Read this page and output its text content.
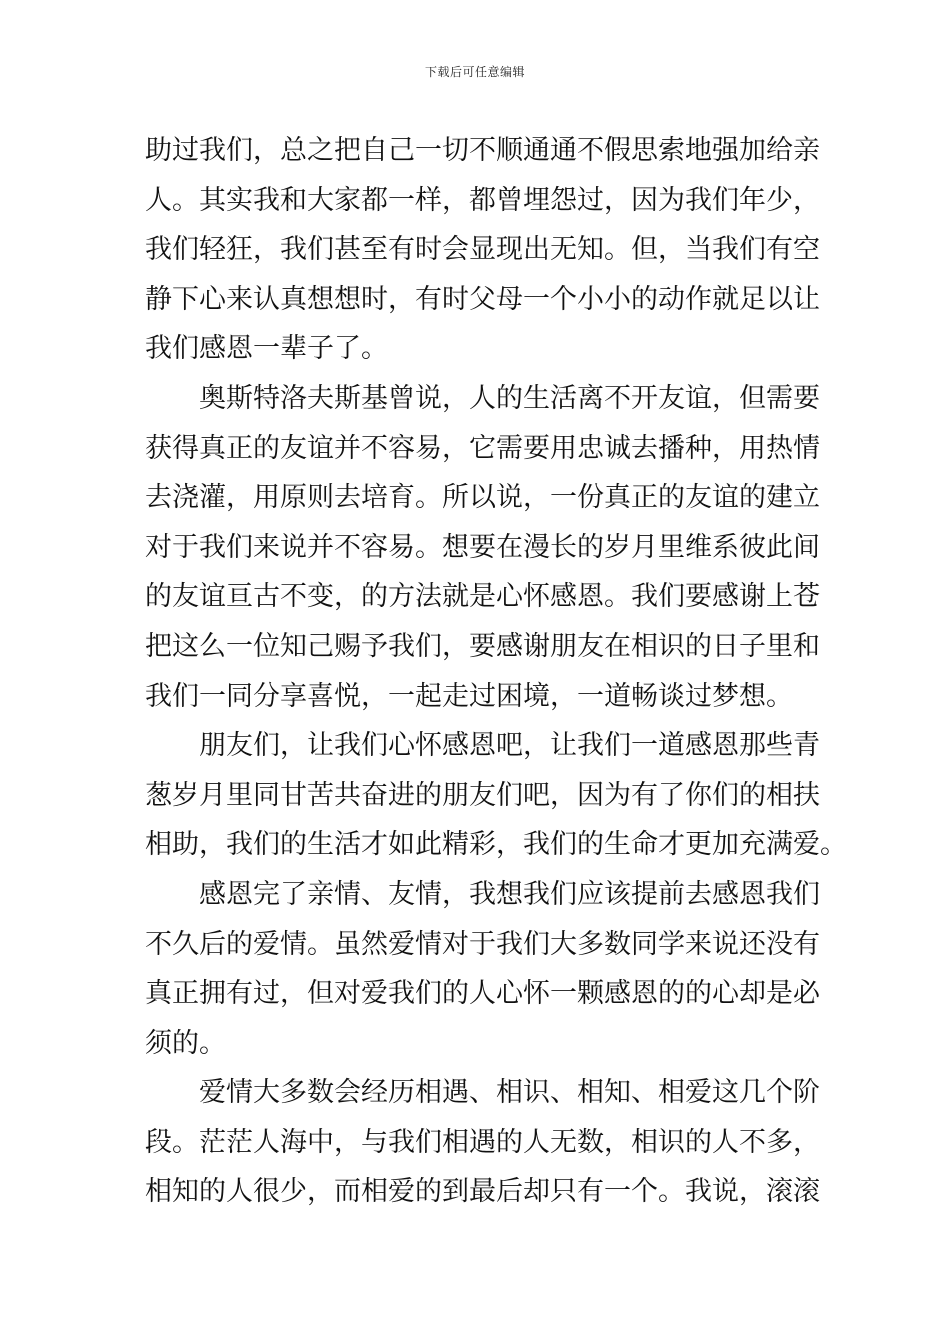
下载后可任意编辑
助过我们，总之把自己一切不顺通通不假思索地强加给亲
人。其实我和大家都一样，都曾埋怨过，因为我们年少，
我们轻狂，我们甚至有时会显现出无知。但，当我们有空
静下心来认真想想时，有时父母一个小小的动作就足以让
我们感恩一辈子了。
奥斯特洛夫斯基曾说，人的生活离不开友谊，但需要
获得真正的友谊并不容易，它需要用忠诚去播种，用热情
去浇灌，用原则去培育。所以说，一份真正的友谊的建立
对于我们来说并不容易。想要在漫长的岁月里维系彼此间
的友谊亘古不变，的方法就是心怀感恩。我们要感谢上苍
把这么一位知己赐予我们，要感谢朋友在相识的日子里和
我们一同分享喜悦，一起走过困境，一道畅谈过梦想。
朋友们，让我们心怀感恩吧，让我们一道感恩那些青
葱岁月里同甘苦共奋进的朋友们吧，因为有了你们的相扶
相助，我们的生活才如此精彩，我们的生命才更加充满爱。
感恩完了亲情、友情，我想我们应该提前去感恩我们
不久后的爱情。虽然爱情对于我们大多数同学来说还没有
真正拥有过，但对爱我们的人心怀一颗感恩的的心却是必
须的。
爱情大多数会经历相遇、相识、相知、相爱这几个阶
段。茫茫人海中，与我们相遇的人无数，相识的人不多，
相知的人很少，而相爱的到最后却只有一个。我说，滚滚
